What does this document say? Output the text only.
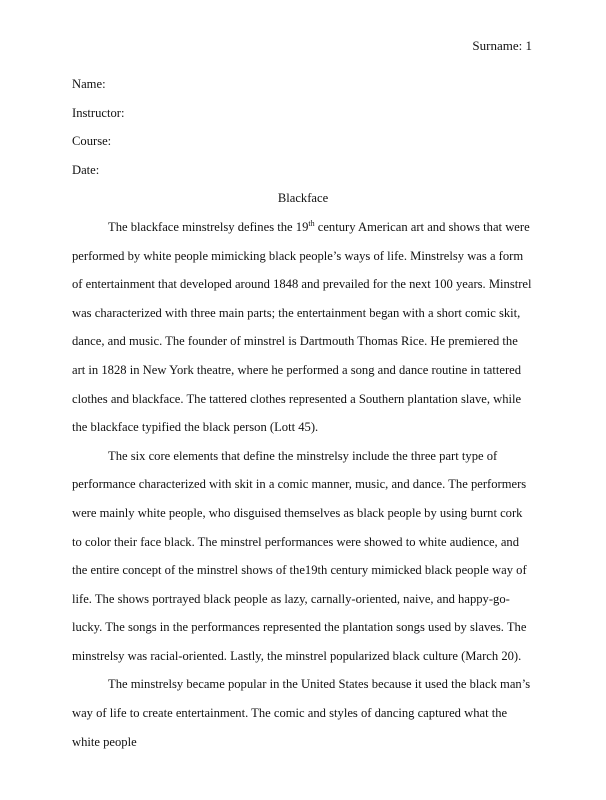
Surname: 1

Name:

Instructor:

Course:

Date:

Blackface

The blackface minstrelsy defines the 19th century American art and shows that were performed by white people mimicking black people’s ways of life. Minstrelsy was a form of entertainment that developed around 1848 and prevailed for the next 100 years. Minstrel was characterized with three main parts; the entertainment began with a short comic skit, dance, and music. The founder of minstrel is Dartmouth Thomas Rice. He premiered the art in 1828 in New York theatre, where he performed a song and dance routine in tattered clothes and blackface. The tattered clothes represented a Southern plantation slave, while the blackface typified the black person (Lott 45).

The six core elements that define the minstrelsy include the three part type of performance characterized with skit in a comic manner, music, and dance. The performers were mainly white people, who disguised themselves as black people by using burnt cork to color their face black. The minstrel performances were showed to white audience, and the entire concept of the minstrel shows of the19th century mimicked black people way of life. The shows portrayed black people as lazy, carnally-oriented, naive, and happy-go-lucky. The songs in the performances represented the plantation songs used by slaves. The minstrelsy was racial-oriented. Lastly, the minstrel popularized black culture (March 20).

The minstrelsy became popular in the United States because it used the black man’s way of life to create entertainment. The comic and styles of dancing captured what the white people
